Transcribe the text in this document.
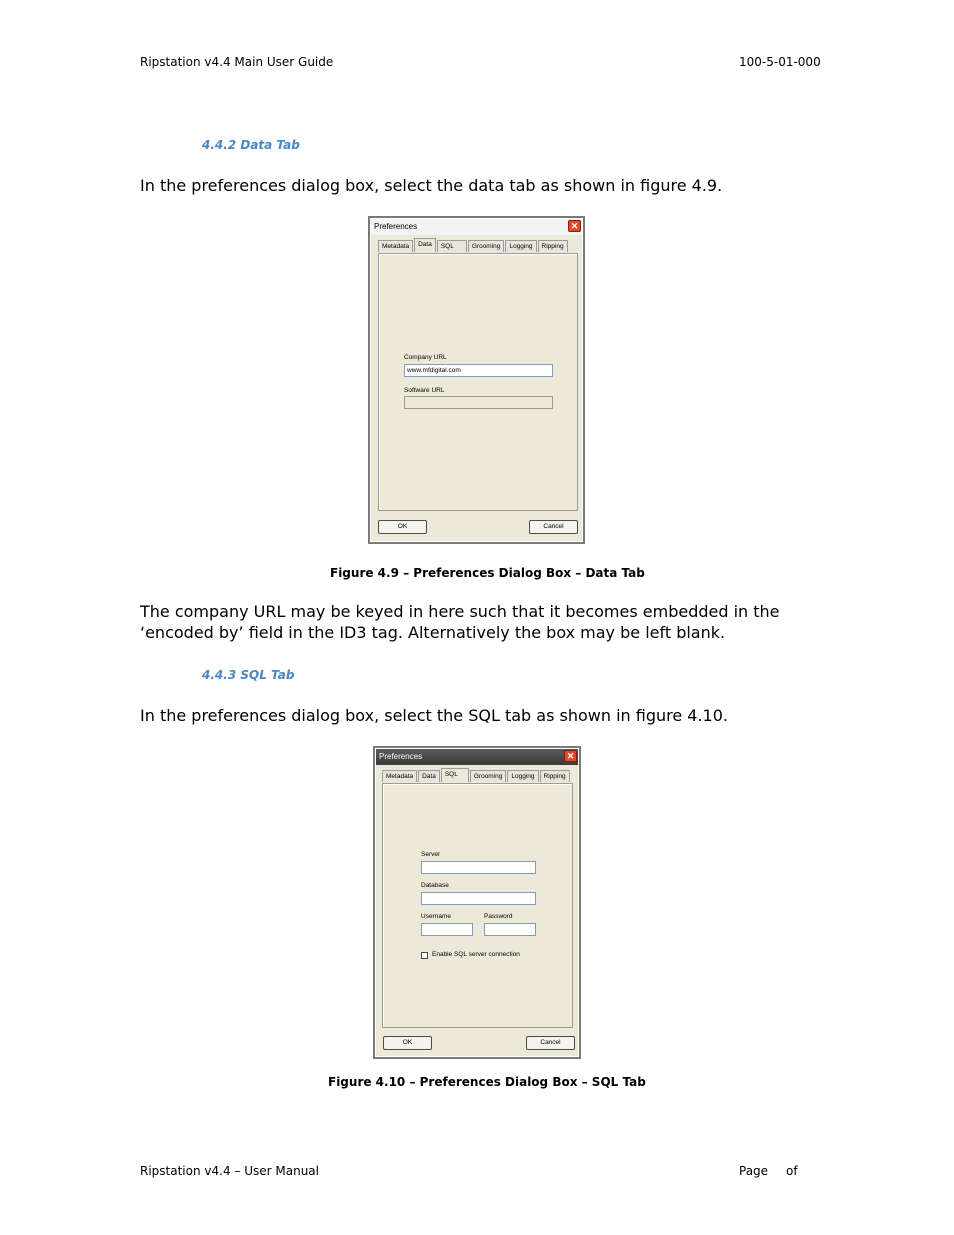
Ripstation v4.4 Main User Guide	100-5-01-000
4.4.2 Data Tab
In the preferences dialog box, select the data tab as shown in figure 4.9.
Preferences	✕
Metadata	Data	SQL	Grooming	Logging	Ripping
Company URL
www.mfdigital.com
Software URL
OK	Cancel
Figure 4.9 – Preferences Dialog Box – Data Tab
The company URL may be keyed in here such that it becomes embedded in the
‘encoded by’ field in the ID3 tag. Alternatively the box may be left blank.
4.4.3 SQL Tab
In the preferences dialog box, select the SQL tab as shown in figure 4.10.
Preferences	✕
Metadata	Data	SQL	Grooming	Logging	Ripping
Server
Database
Username	Password
Enable SQL server connection
OK	Cancel
Figure 4.10 – Preferences Dialog Box – SQL Tab
Ripstation v4.4 – User Manual	Page of
